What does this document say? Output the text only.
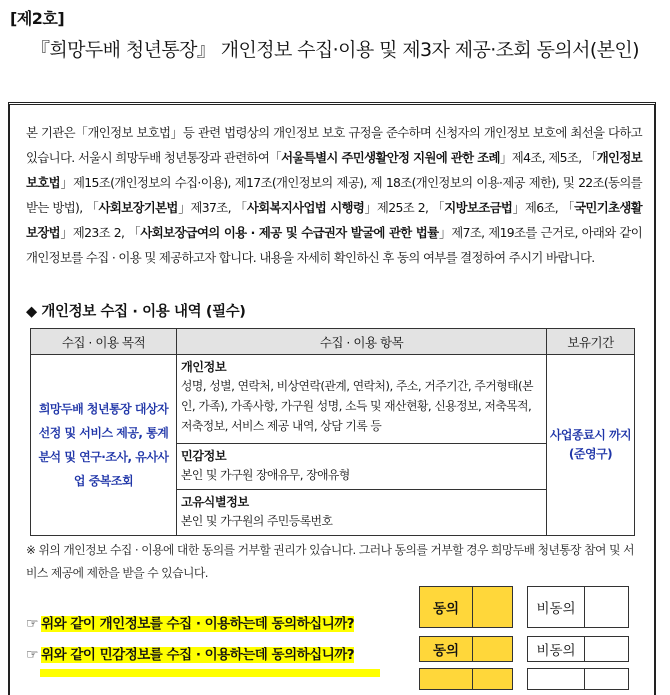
[제2호]
『희망두배 청년통장』 개인정보 수집·이용 및 제3자 제공·조회 동의서(본인)
본 기관은「개인정보 보호법」등 관련 법령상의 개인정보 보호 규정을 준수하며 신청자의 개인정보 보호에 최선을 다하고 있습니다. 서울시 희망두배 청년통장과 관련하여「서울특별시 주민생활안정 지원에 관한 조례」제4조, 제5조, 「개인정보 보호법」제15조(개인정보의 수집·이용), 제17조(개인정보의 제공), 제 18조(개인정보의 이용·제공 제한), 및 22조(동의를 받는 방법), 「사회보장기본법」제37조, 「사회복지사업법 시행령」제25조 2, 「지방보조금법」제6조, 「국민기초생활보장법」제23조 2, 「사회보장급여의 이용 · 제공 및 수급권자 발굴에 관한 법률」제7조, 제19조를 근거로, 아래와 같이 개인정보를 수집 · 이용 및 제공하고자 합니다. 내용을 자세히 확인하신 후 동의 여부를 결정하여 주시기 바랍니다.
◆ 개인정보 수집 · 이용 내역 (필수)
수집 · 이용 목적	수집 · 이용 항목	보유기간
희망두배 청년통장 대상자 선정 및 서비스 제공, 통계분석 및 연구·조사, 유사사업 중복조회	개인정보
성명, 성별, 연락처, 비상연락(관계, 연락처), 주소, 거주기간, 주거형태(본인, 가족), 가족사항, 가구원 성명, 소득 및 재산현황, 신용정보, 저축목적, 저축정보, 서비스 제공 내역, 상담 기록 등	사업종료시 까지 (준영구)

	민감정보
본인 및 가구원 장애유무, 장애유형	

	고유식별정보
본인 및 가구원의 주민등록번호	
※ 위의 개인정보 수집 · 이용에 대한 동의를 거부할 권리가 있습니다. 그러나 동의를 거부할 경우 희망두배 청년통장 참여 및 서비스 제공에 제한을 받을 수 있습니다.
동의	비동의
☞ 위와 같이 개인정보를 수집 · 이용하는데 동의하십니까?
동의	비동의
☞ 위와 같이 민감정보를 수집 · 이용하는데 동의하십니까?
